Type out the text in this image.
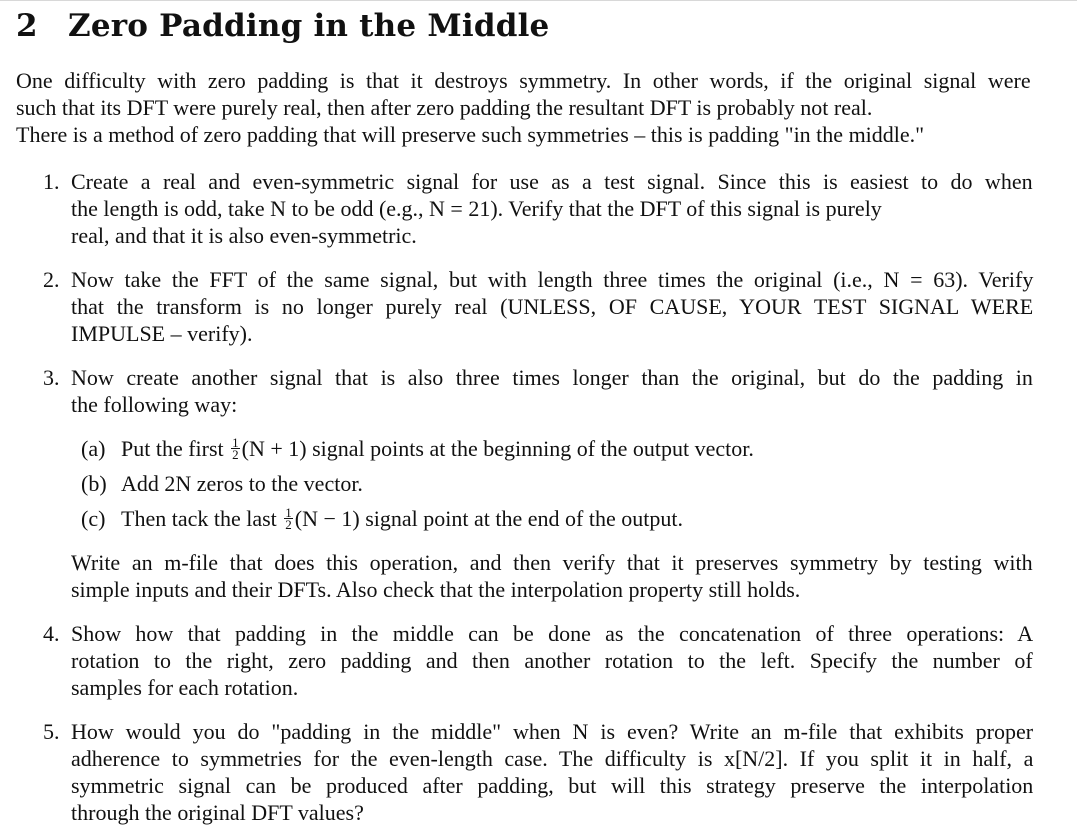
2 Zero Padding in the Middle
One difficulty with zero padding is that it destroys symmetry. In other words, if the original signal were
such that its DFT were purely real, then after zero padding the resultant DFT is probably not real.
There is a method of zero padding that will preserve such symmetries – this is padding "in the middle."
1. Create a real and even-symmetric signal for use as a test signal. Since this is easiest to do when
the length is odd, take N to be odd (e.g., N = 21). Verify that the DFT of this signal is purely
real, and that it is also even-symmetric.
2. Now take the FFT of the same signal, but with length three times the original (i.e., N = 63). Verify
that the transform is no longer purely real (UNLESS, OF CAUSE, YOUR TEST SIGNAL WERE
IMPULSE – verify).
3. Now create another signal that is also three times longer than the original, but do the padding in
the following way:
(a) Put the first $\frac{1}{2} (N + 1)$ signal points at the beginning of the output vector.
(b) Add 2N zeros to the vector.
(c) Then tack the last $\frac{1}{2} (N - 1)$ signal point at the end of the output.
Write an m-file that does this operation, and then verify that it preserves symmetry by testing with
simple inputs and their DFTs. Also check that the interpolation property still holds.
4. Show how that padding in the middle can be done as the concatenation of three operations: A
rotation to the right, zero padding and then another rotation to the left. Specify the number of
samples for each rotation.
5. How would you do "padding in the middle" when N is even? Write an m-file that exhibits proper
adherence to symmetries for the even-length case. The difficulty is x[N/2]. If you split it in half, a
symmetric signal can be produced after padding, but will this strategy preserve the interpolation
through the original DFT values?
